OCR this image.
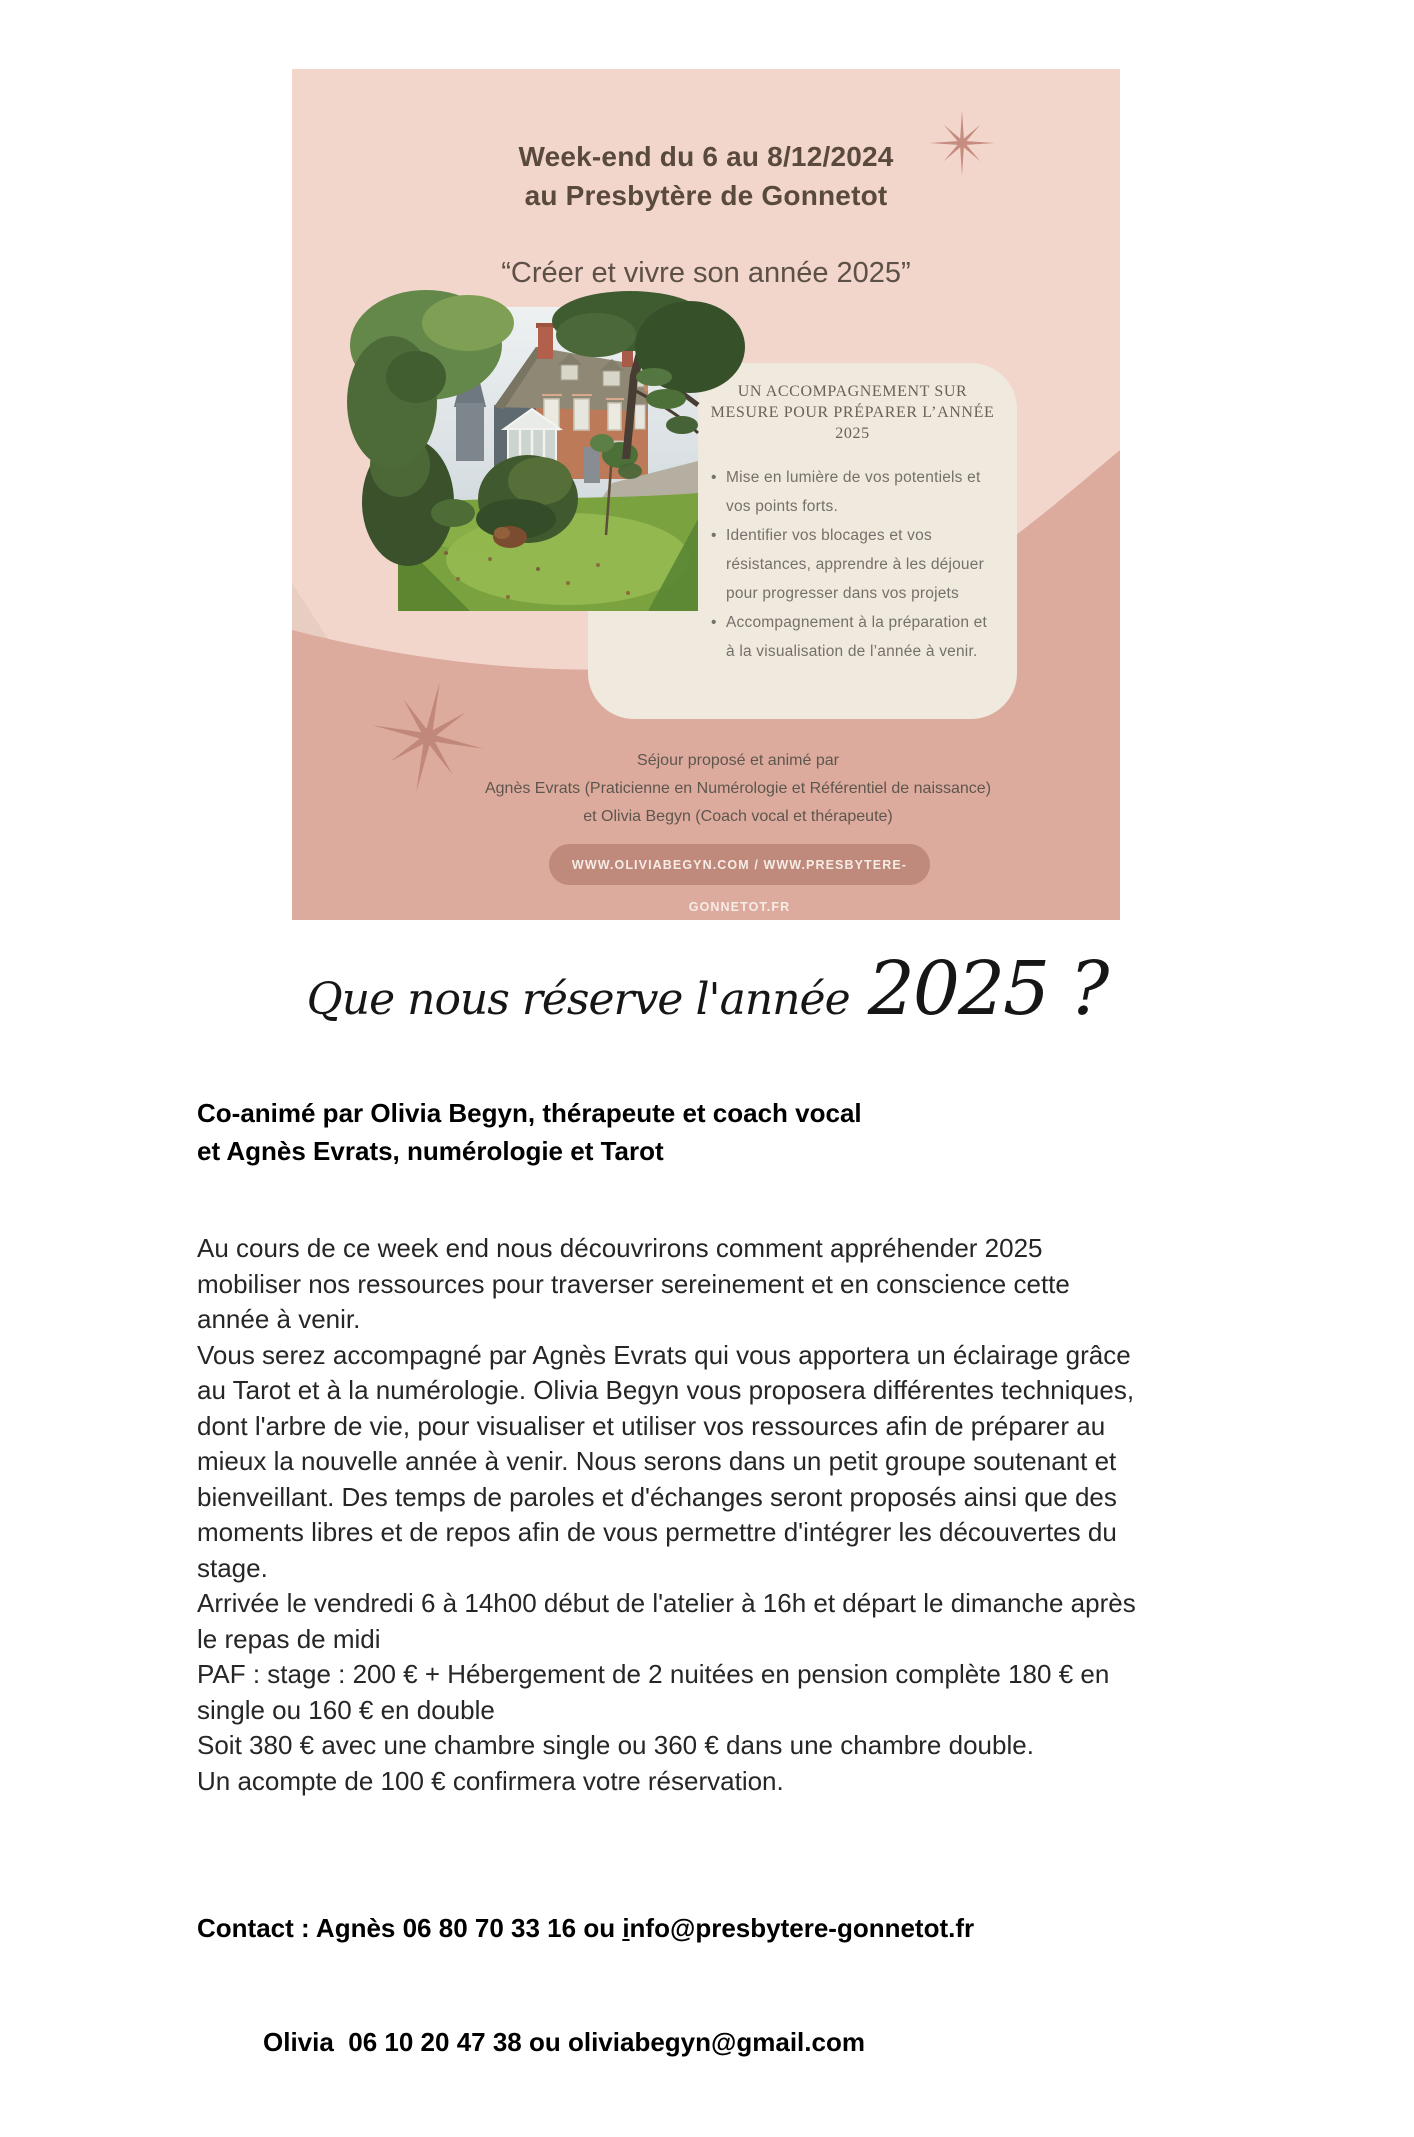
Week-end du 6 au 8/12/2024
au Presbytère de Gonnetot
“Créer et vivre son année 2025”
UN ACCOMPAGNEMENT SUR
MESURE POUR PRÉPARER L’ANNÉE
2025
• Mise en lumière de vos potentiels et vos points forts.
• Identifier vos blocages et vos résistances, apprendre à les déjouer pour progresser dans vos projets
• Accompagnement à la préparation et à la visualisation de l’année à venir.
Séjour proposé et animé par
Agnès Evrats (Praticienne en Numérologie et Référentiel de naissance)
et Olivia Begyn (Coach vocal et thérapeute)
WWW.OLIVIABEGYN.COM / WWW.PRESBYTERE-GONNETOT.FR
Que nous réserve l'année 2025 ?
Co-animé par Olivia Begyn, thérapeute et coach vocal
et Agnès Evrats, numérologie et Tarot
Au cours de ce week end nous découvrirons comment appréhender 2025
mobiliser nos ressources pour traverser sereinement et en conscience cette
année à venir.
Vous serez accompagné par Agnès Evrats qui vous apportera un éclairage grâce
au Tarot et à la numérologie. Olivia Begyn vous proposera différentes techniques,
dont l'arbre de vie, pour visualiser et utiliser vos ressources afin de préparer au
mieux la nouvelle année à venir. Nous serons dans un petit groupe soutenant et
bienveillant. Des temps de paroles et d'échanges seront proposés ainsi que des
moments libres et de repos afin de vous permettre d'intégrer les découvertes du
stage.
Arrivée le vendredi 6 à 14h00 début de l'atelier à 16h et départ le dimanche après
le repas de midi
PAF : stage : 200 € + Hébergement de 2 nuitées en pension complète 180 € en
single ou 160 € en double
Soit 380 € avec une chambre single ou 360 € dans une chambre double.
Un acompte de 100 € confirmera votre réservation.

Contact : Agnès 06 80 70 33 16 ou info@presbytere-gonnetot.fr

Olivia  06 10 20 47 38 ou oliviabegyn@gmail.com
